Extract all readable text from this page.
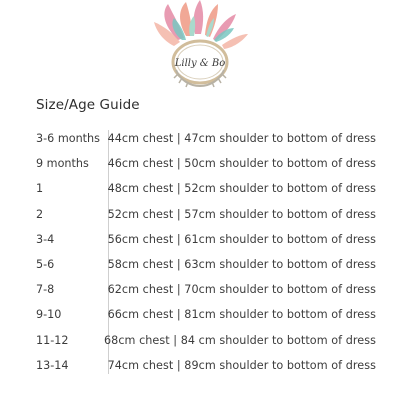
Lilly & Bo
Size/Age Guide
3-6 months 44cm chest | 47cm shoulder to bottom of dress
9 months	46cm chest | 50cm shoulder to bottom of dress
1	48cm chest | 52cm shoulder to bottom of dress
2	52cm chest | 57cm shoulder to bottom of dress
3-4	56cm chest | 61cm shoulder to bottom of dress
5-6	58cm chest | 63cm shoulder to bottom of dress
7-8	62cm chest | 70cm shoulder to bottom of dress
9-10	66cm chest | 81cm shoulder to bottom of dress
11-12	68cm chest | 84 cm shoulder to bottom of dress
13-14	74cm chest | 89cm shoulder to bottom of dress
